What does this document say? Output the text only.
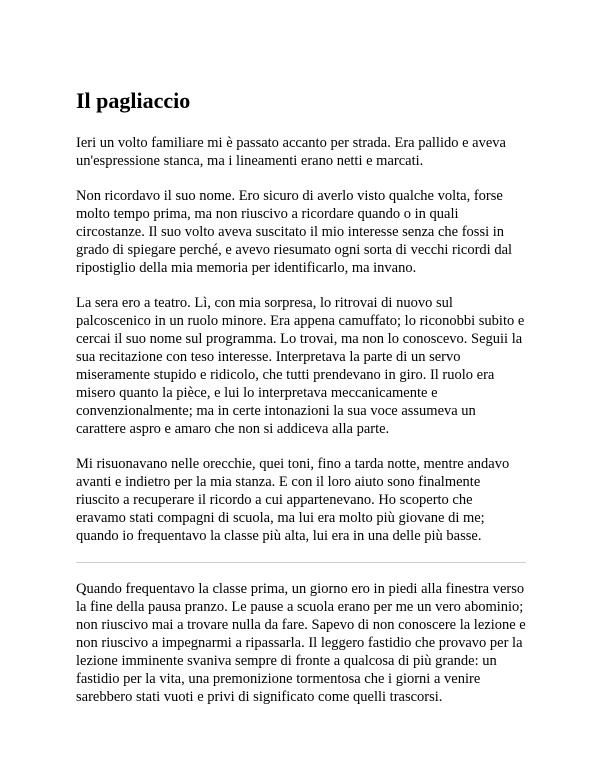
Il pagliaccio

Ieri un volto familiare mi è passato accanto per strada. Era pallido e aveva un'espressione stanca, ma i lineamenti erano netti e marcati.

Non ricordavo il suo nome. Ero sicuro di averlo visto qualche volta, forse molto tempo prima, ma non riuscivo a ricordare quando o in quali circostanze. Il suo volto aveva suscitato il mio interesse senza che fossi in grado di spiegare perché, e avevo riesumato ogni sorta di vecchi ricordi dal ripostiglio della mia memoria per identificarlo, ma invano.

La sera ero a teatro. Lì, con mia sorpresa, lo ritrovai di nuovo sul palcoscenico in un ruolo minore. Era appena camuffato; lo riconobbi subito e cercai il suo nome sul programma. Lo trovai, ma non lo conoscevo. Seguii la sua recitazione con teso interesse. Interpretava la parte di un servo miseramente stupido e ridicolo, che tutti prendevano in giro. Il ruolo era misero quanto la pièce, e lui lo interpretava meccanicamente e convenzionalmente; ma in certe intonazioni la sua voce assumeva un carattere aspro e amaro che non si addiceva alla parte.

Mi risuonavano nelle orecchie, quei toni, fino a tarda notte, mentre andavo avanti e indietro per la mia stanza. E con il loro aiuto sono finalmente riuscito a recuperare il ricordo a cui appartenevano. Ho scoperto che eravamo stati compagni di scuola, ma lui era molto più giovane di me; quando io frequentavo la classe più alta, lui era in una delle più basse.

Quando frequentavo la classe prima, un giorno ero in piedi alla finestra verso la fine della pausa pranzo. Le pause a scuola erano per me un vero abominio; non riuscivo mai a trovare nulla da fare. Sapevo di non conoscere la lezione e non riuscivo a impegnarmi a ripassarla. Il leggero fastidio che provavo per la lezione imminente svaniva sempre di fronte a qualcosa di più grande: un fastidio per la vita, una premonizione tormentosa che i giorni a venire sarebbero stati vuoti e privi di significato come quelli trascorsi.
